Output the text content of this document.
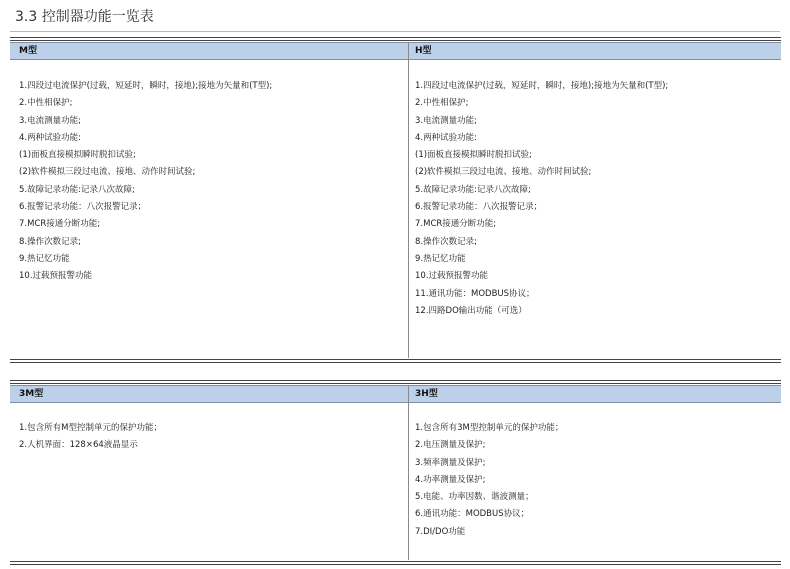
3.3 控制器功能一览表
M型	H型
1.四段过电流保护(过载，短延时，瞬时，接地);接地为矢量和(T型);
2.中性相保护;
3.电流测量功能;
4.两种试验功能:
(1)面板直接模拟瞬时脱扣试验;
(2)软件模拟三段过电流、接地、动作时间试验;
5.故障记录功能:记录八次故障;
6.报警记录功能：八次报警记录；
7.MCR接通分断功能;
8.操作次数记录;
9.热记忆功能
10.过载预报警功能
1.四段过电流保护(过载，短延时，瞬时，接地);接地为矢量和(T型);
2.中性相保护;
3.电流测量功能;
4.两种试验功能:
(1)面板直接模拟瞬时脱扣试验;
(2)软件模拟三段过电流、接地、动作时间试验;
5.故障记录功能:记录八次故障;
6.报警记录功能：八次报警记录；
7.MCR接通分断功能;
8.操作次数记录;
9.热记忆功能
10.过载预报警功能
11.通讯功能：MODBUS协议；
12.四路DO输出功能（可选）
3M型	3H型
1.包含所有M型控制单元的保护功能；
2.人机界面：128×64液晶显示
1.包含所有3M型控制单元的保护功能；
2.电压测量及保护;
3.频率测量及保护;
4.功率测量及保护;
5.电能、功率因数、谐波测量；
6.通讯功能：MODBUS协议；
7.DI/DO功能
